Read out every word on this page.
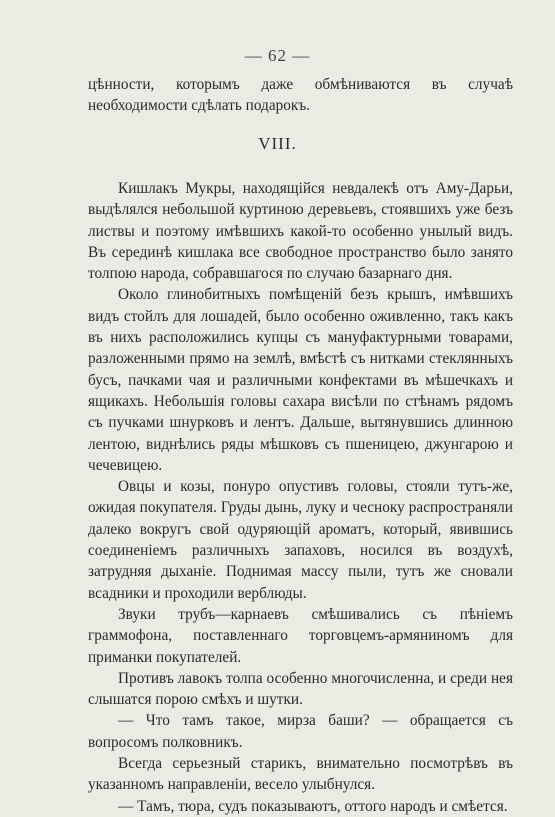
— 62 —

цѣнности, которымъ даже обмѣниваются въ случаѣ необходимости сдѣлать подарокъ.

VIII.

Кишлакъ Мукры, находящійся невдалекѣ отъ Аму-Дарьи, выдѣлялся небольшой куртиною деревьевъ, стоявшихъ уже безъ листвы и поэтому имѣвшихъ какой-то особенно унылый видъ. Въ серединѣ кишлака все свободное пространство было занято толпою народа, собравшагося по случаю базарнаго дня.

Около глинобитныхъ помѣщеній безъ крышъ, имѣвшихъ видъ стойлъ для лошадей, было особенно оживленно, такъ какъ въ нихъ расположились купцы съ мануфактурными товарами, разложенными прямо на землѣ, вмѣстѣ съ нитками стеклянныхъ бусъ, пачками чая и различными конфектами въ мѣшечкахъ и ящикахъ. Небольшія головы сахара висѣли по стѣнамъ рядомъ съ пучками шнурковъ и лентъ. Дальше, вытянувшись длинною лентою, виднѣлись ряды мѣшковъ съ пшеницею, джунгарою и чечевицею.

Овцы и козы, понуро опустивъ головы, стояли тутъ-же, ожидая покупателя. Груды дынь, луку и чесноку распространяли далеко вокругъ свой одуряющій ароматъ, который, явившись соединеніемъ различныхъ запаховъ, носился въ воздухѣ, затрудняя дыханіе. Поднимая массу пыли, тутъ же сновали всадники и проходили верблюды.

Звуки трубъ—карнаевъ смѣшивались съ пѣніемъ граммофона, поставленнаго торговцемъ-армяниномъ для приманки покупателей.

Противъ лавокъ толпа особенно многочисленна, и среди нея слышатся порою смѣхъ и шутки.

— Что тамъ такое, мирза баши? — обращается съ вопросомъ полковникъ.

Всегда серьезный старикъ, внимательно посмотрѣвъ въ указанномъ направленіи, весело улыбнулся.

— Тамъ, тюра, судъ показываютъ, оттого народъ и смѣется.
